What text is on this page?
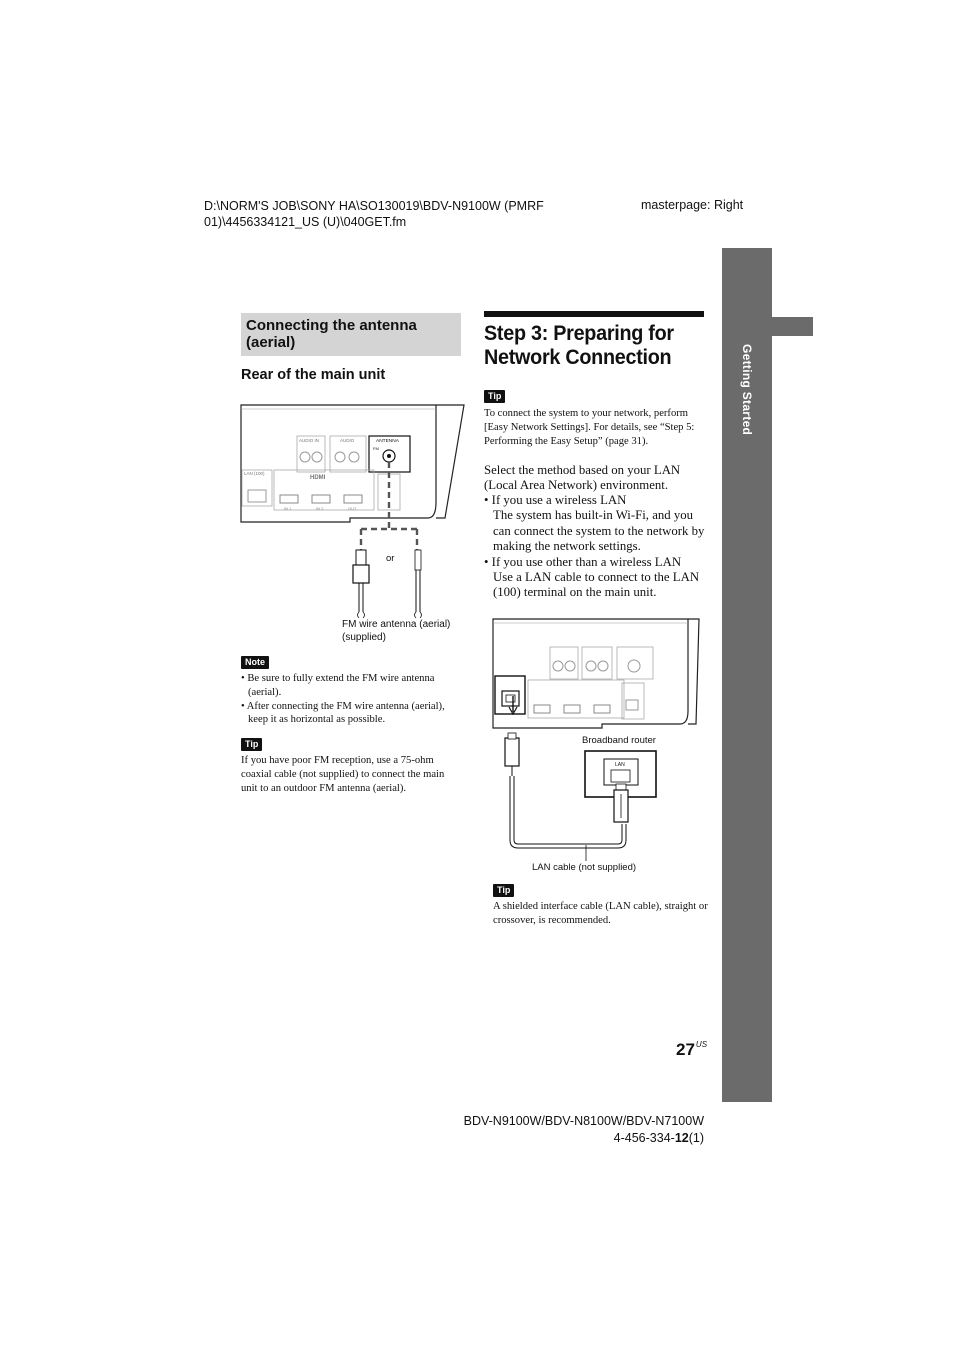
D:\NORM'S JOB\SONY HA\SO130019\BDV-N9100W (PMRF 01)\4456334121_US (U)\040GET.fm
masterpage: Right
Getting Started
Connecting the antenna (aerial)
Rear of the main unit
AUDIO IN	AUDIO	ANTENNA
FM
LAN (100)
HDMI
IN 1	IN 2	OUT
or
FM wire antenna (aerial)
(supplied)
Note
• Be sure to fully extend the FM wire antenna (aerial).
• After connecting the FM wire antenna (aerial), keep it as horizontal as possible.
Tip
If you have poor FM reception, use a 75-ohm coaxial cable (not supplied) to connect the main unit to an outdoor FM antenna (aerial).
Step 3: Preparing for Network Connection
Tip
To connect the system to your network, perform [Easy Network Settings]. For details, see “Step 5: Performing the Easy Setup” (page 31).
Select the method based on your LAN (Local Area Network) environment.
• If you use a wireless LAN
The system has built-in Wi-Fi, and you can connect the system to the network by making the network settings.
• If you use other than a wireless LAN
Use a LAN cable to connect to the LAN (100) terminal on the main unit.
LAN
Broadband router
LAN cable (not supplied)
Tip
A shielded interface cable (LAN cable), straight or crossover, is recommended.
$27^{US}$
BDV-N9100W/BDV-N8100W/BDV-N7100W
4-456-334-12(1)
